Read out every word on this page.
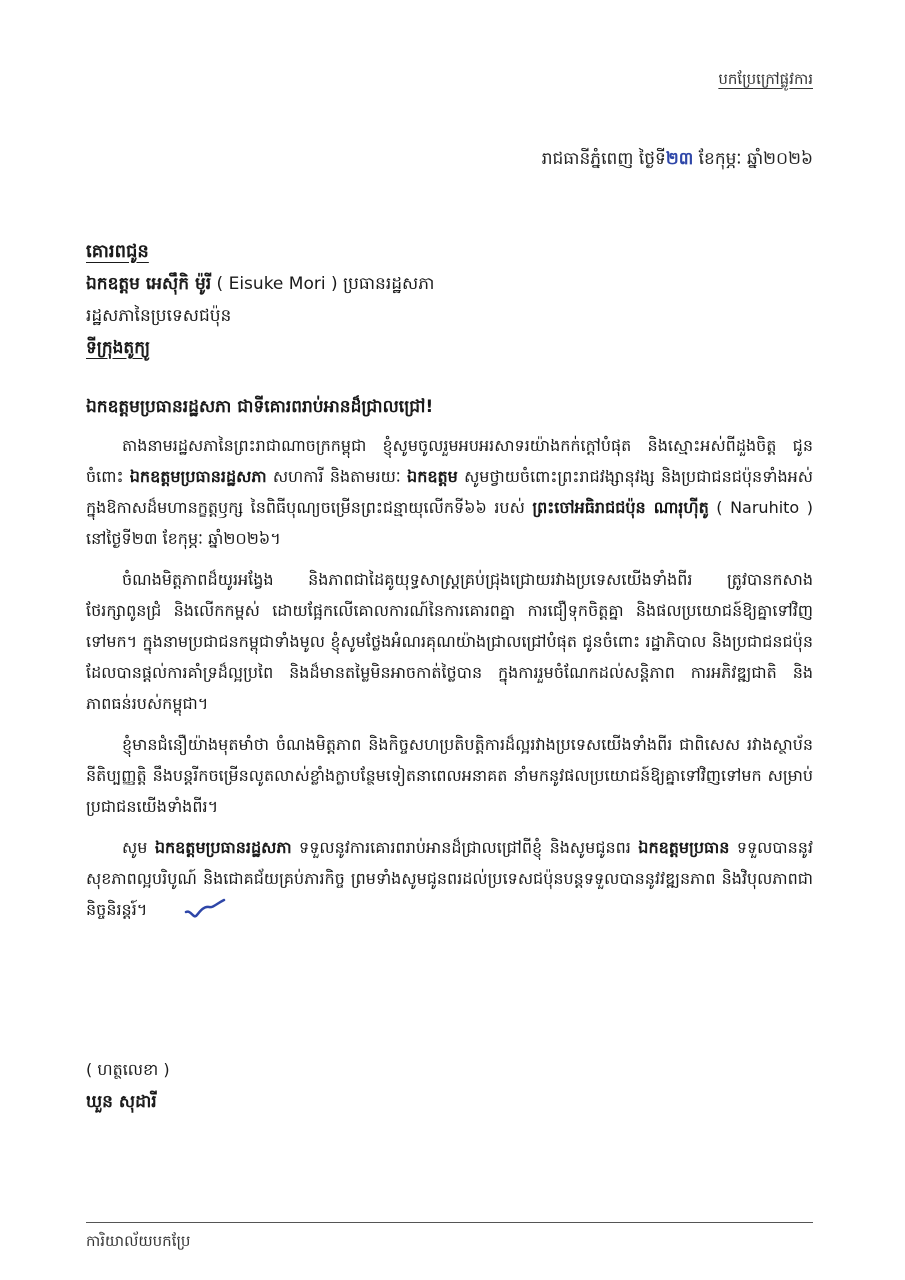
បកប្រែក្រៅផ្លូវការ
រាជធានីភ្នំពេញ ថ្ងៃទី២៣ ខែកុម្ភៈ ឆ្នាំ២០២៦
គោរពជូន
ឯកឧត្តម អេស៊ឹកិ ម៉ូរី ( Eisuke Mori ) ប្រធានរដ្ឋសភា
រដ្ឋសភានៃប្រទេសជប៉ុន
ទីក្រុងតូក្យូ
ឯកឧត្តមប្រធានរដ្ឋសភា ជាទីគោរពរាប់អានដ៏ជ្រាលជ្រៅ!

តាងនាមរដ្ឋសភានៃព្រះរាជាណាចក្រកម្ពុជា ខ្ញុំសូមចូលរួមអបអរសាទរយ៉ាងកក់ក្ដៅបំផុត និងស្មោះអស់ពីដួងចិត្ត ជូនចំពោះ ឯកឧត្តមប្រធានរដ្ឋសភា សហការី និងតាមរយៈ ឯកឧត្តម សូមថ្វាយចំពោះព្រះរាជវង្សានុវង្ស និងប្រជាជនជប៉ុនទាំងអស់ ក្នុងឱកាសដ៏មហានក្ខត្តឫក្ស នៃពិធីបុណ្យចម្រើនព្រះជន្មាយុលើកទី៦៦ របស់ ព្រះចៅអធិរាជជប៉ុន ណារុហ៊ីតូ ( Naruhito ) នៅថ្ងៃទី២៣ ខែកុម្ភៈ ឆ្នាំ២០២៦។

ចំណងមិត្តភាពដ៏យូរអង្វែង និងភាពជាដៃគូយុទ្ធសាស្ត្រគ្រប់ជ្រុងជ្រោយរវាងប្រទេសយើងទាំងពីរ ត្រូវបានកសាង ថែរក្សាពូនជ្រំ និងលើកកម្ពស់ ដោយផ្អែកលើគោលការណ៍នៃការគោរពគ្នា ការជឿទុកចិត្តគ្នា និងផលប្រយោជន៍ឱ្យគ្នាទៅវិញទៅមក។ ក្នុងនាមប្រជាជនកម្ពុជាទាំងមូល ខ្ញុំសូមថ្លែងអំណរគុណយ៉ាងជ្រាលជ្រៅបំផុត ជូនចំពោះ រដ្ឋាភិបាល និងប្រជាជនជប៉ុន ដែលបានផ្ដល់ការគាំទ្រដ៏ល្អប្រពៃ និងដ៏មានតម្លៃមិនអាចកាត់ថ្លៃបាន ក្នុងការរួមចំណែកដល់សន្តិភាព ការអភិវឌ្ឍជាតិ និងភាពធន់របស់កម្ពុជា។

ខ្ញុំមានជំនឿយ៉ាងមុតមាំថា ចំណងមិត្តភាព និងកិច្ចសហប្រតិបត្តិការដ៏ល្អរវាងប្រទេសយើងទាំងពីរ ជាពិសេស រវាងស្ថាប័ននីតិប្បញ្ញត្តិ នឹងបន្តរីកចម្រើនលូតលាស់ខ្លាំងក្លាបន្ថែមទៀតនាពេលអនាគត នាំមកនូវផលប្រយោជន៍ឱ្យគ្នាទៅវិញទៅមក សម្រាប់ប្រជាជនយើងទាំងពីរ។

សូម ឯកឧត្តមប្រធានរដ្ឋសភា ទទួលនូវការគោរពរាប់អានដ៏ជ្រាលជ្រៅពីខ្ញុំ និងសូមជូនពរ ឯកឧត្តមប្រធាន ទទួលបាននូវសុខភាពល្អបរិបូណ៍ និងជោគជ័យគ្រប់ភារកិច្ច ព្រមទាំងសូមជូនពរដល់ប្រទេសជប៉ុនបន្តទទួលបាននូវវឌ្ឍនភាព និងវិបុលភាពជានិច្ចនិរន្តរ៍។

( ហត្ថលេខា )
ឃួន សុដារី
ការិយាល័យបកប្រែ
